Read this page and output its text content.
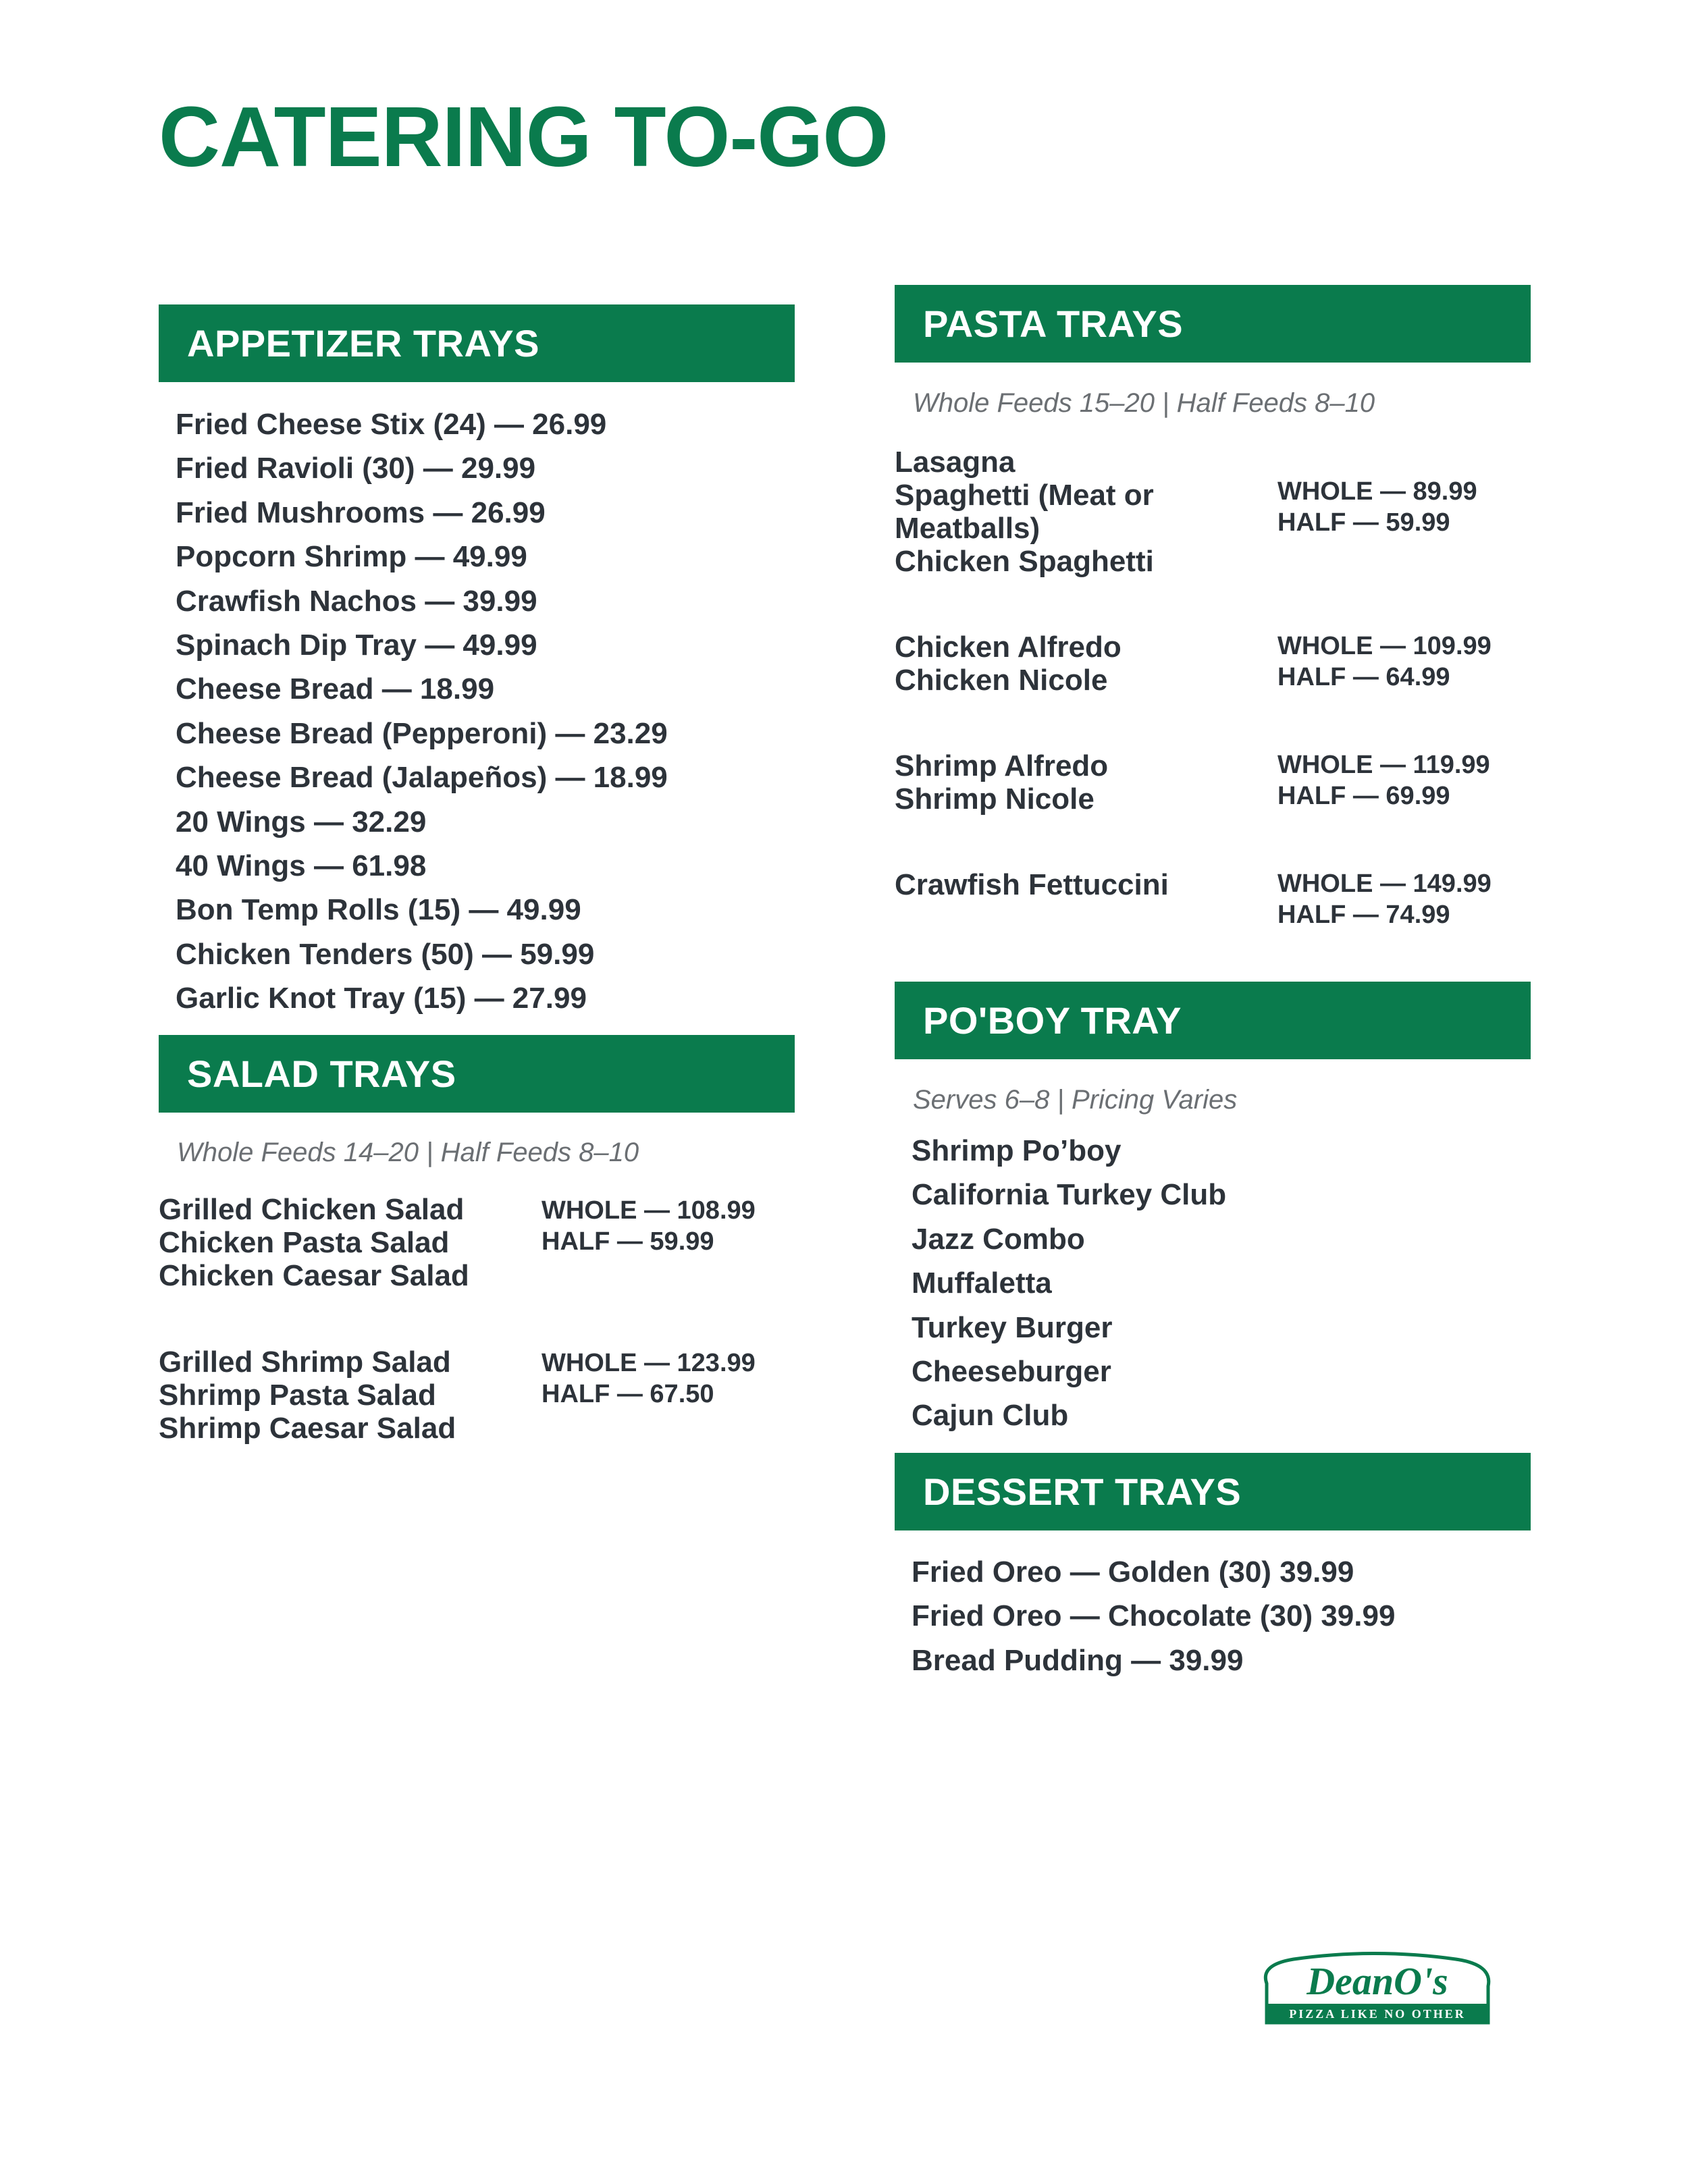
CATERING TO-GO
APPETIZER TRAYS
Fried Cheese Stix (24) — 26.99
Fried Ravioli (30) — 29.99
Fried Mushrooms — 26.99
Popcorn Shrimp — 49.99
Crawfish Nachos — 39.99
Spinach Dip Tray — 49.99
Cheese Bread — 18.99
Cheese Bread (Pepperoni) — 23.29
Cheese Bread (Jalapeños) — 18.99
20 Wings — 32.29
40 Wings — 61.98
Bon Temp Rolls (15) — 49.99
Chicken Tenders (50) — 59.99
Garlic Knot Tray (15) — 27.99
SALAD TRAYS
Whole Feeds 14–20 | Half Feeds 8–10
Grilled Chicken Salad
Chicken Pasta Salad
Chicken Caesar Salad
WHOLE — 108.99
HALF — 59.99
Grilled Shrimp Salad
Shrimp Pasta Salad
Shrimp Caesar Salad
WHOLE — 123.99
HALF — 67.50
PASTA TRAYS
Whole Feeds 15–20 | Half Feeds 8–10
Lasagna
Spaghetti (Meat or
Meatballs)
Chicken Spaghetti
WHOLE — 89.99
HALF — 59.99
Chicken Alfredo
Chicken Nicole
WHOLE — 109.99
HALF — 64.99
Shrimp Alfredo
Shrimp Nicole
WHOLE — 119.99
HALF — 69.99
Crawfish Fettuccini	WHOLE — 149.99
HALF — 74.99
PO'BOY TRAY
Serves 6–8 | Pricing Varies
Shrimp Po’boy
California Turkey Club
Jazz Combo
Muffaletta
Turkey Burger
Cheeseburger
Cajun Club
DESSERT TRAYS
Fried Oreo — Golden (30) 39.99
Fried Oreo — Chocolate (30) 39.99
Bread Pudding — 39.99
DeanO's
PIZZA LIKE NO OTHER
